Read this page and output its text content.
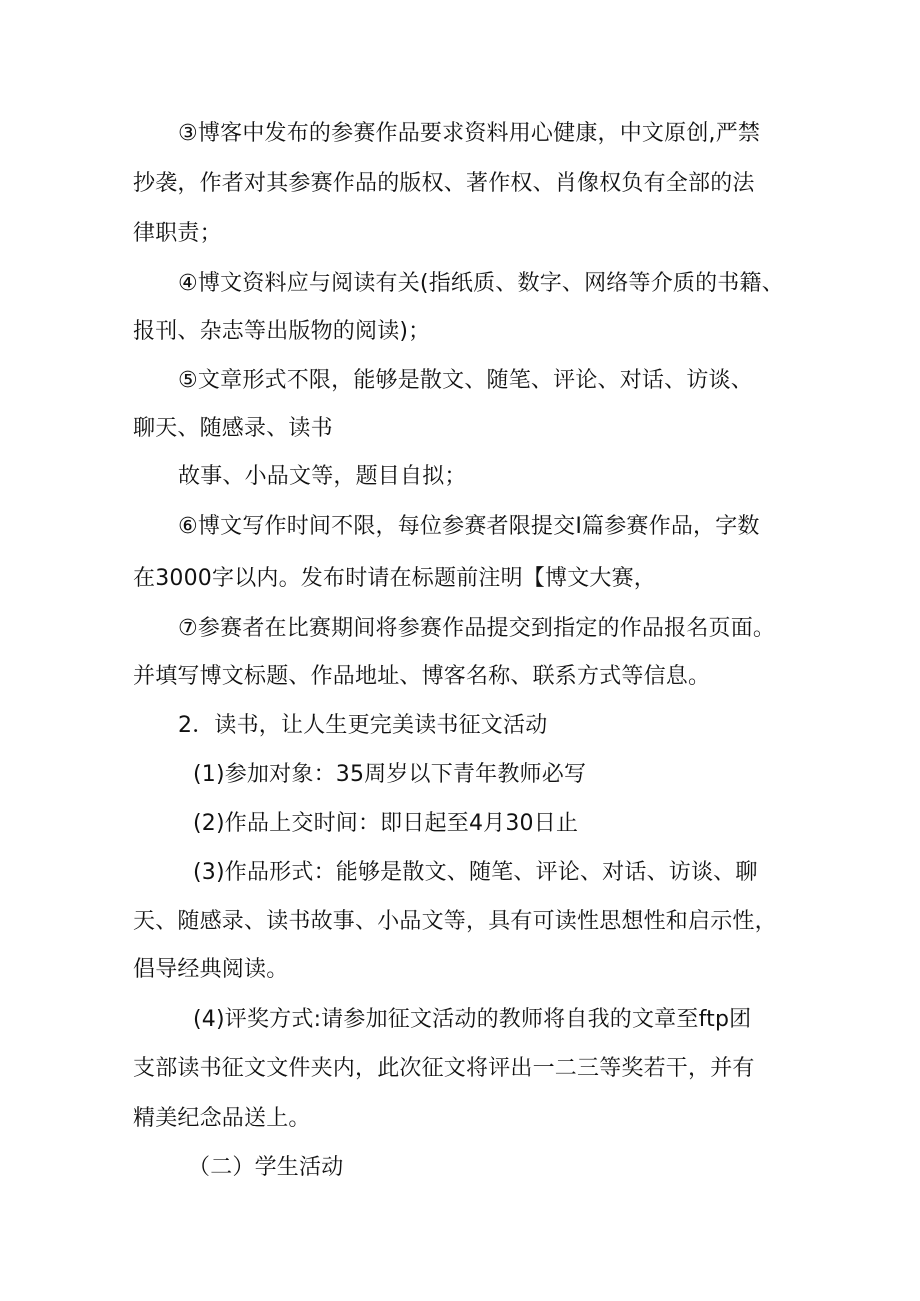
③博客中发布的参赛作品要求资料用心健康，中文原创,严禁
抄袭，作者对其参赛作品的版权、著作权、肖像权负有全部的法
律职责；
④博文资料应与阅读有关(指纸质、数字、网络等介质的书籍、
报刊、杂志等出版物的阅读)；
⑤文章形式不限，能够是散文、随笔、评论、对话、访谈、
聊天、随感录、读书
故事、小品文等，题目自拟；
⑥博文写作时间不限，每位参赛者限提交I篇参赛作品，字数
在3000字以内。发布时请在标题前注明【博文大赛，
⑦参赛者在比赛期间将参赛作品提交到指定的作品报名页面。
并填写博文标题、作品地址、博客名称、联系方式等信息。
2．读书，让人生更完美读书征文活动
(1)参加对象：35周岁以下青年教师必写
(2)作品上交时间：即日起至4月30日止
(3)作品形式：能够是散文、随笔、评论、对话、访谈、聊
天、随感录、读书故事、小品文等，具有可读性思想性和启示性，
倡导经典阅读。
(4)评奖方式:请参加征文活动的教师将自我的文章至ftp团
支部读书征文文件夹内，此次征文将评出一二三等奖若干，并有
精美纪念品送上。
（二）学生活动
